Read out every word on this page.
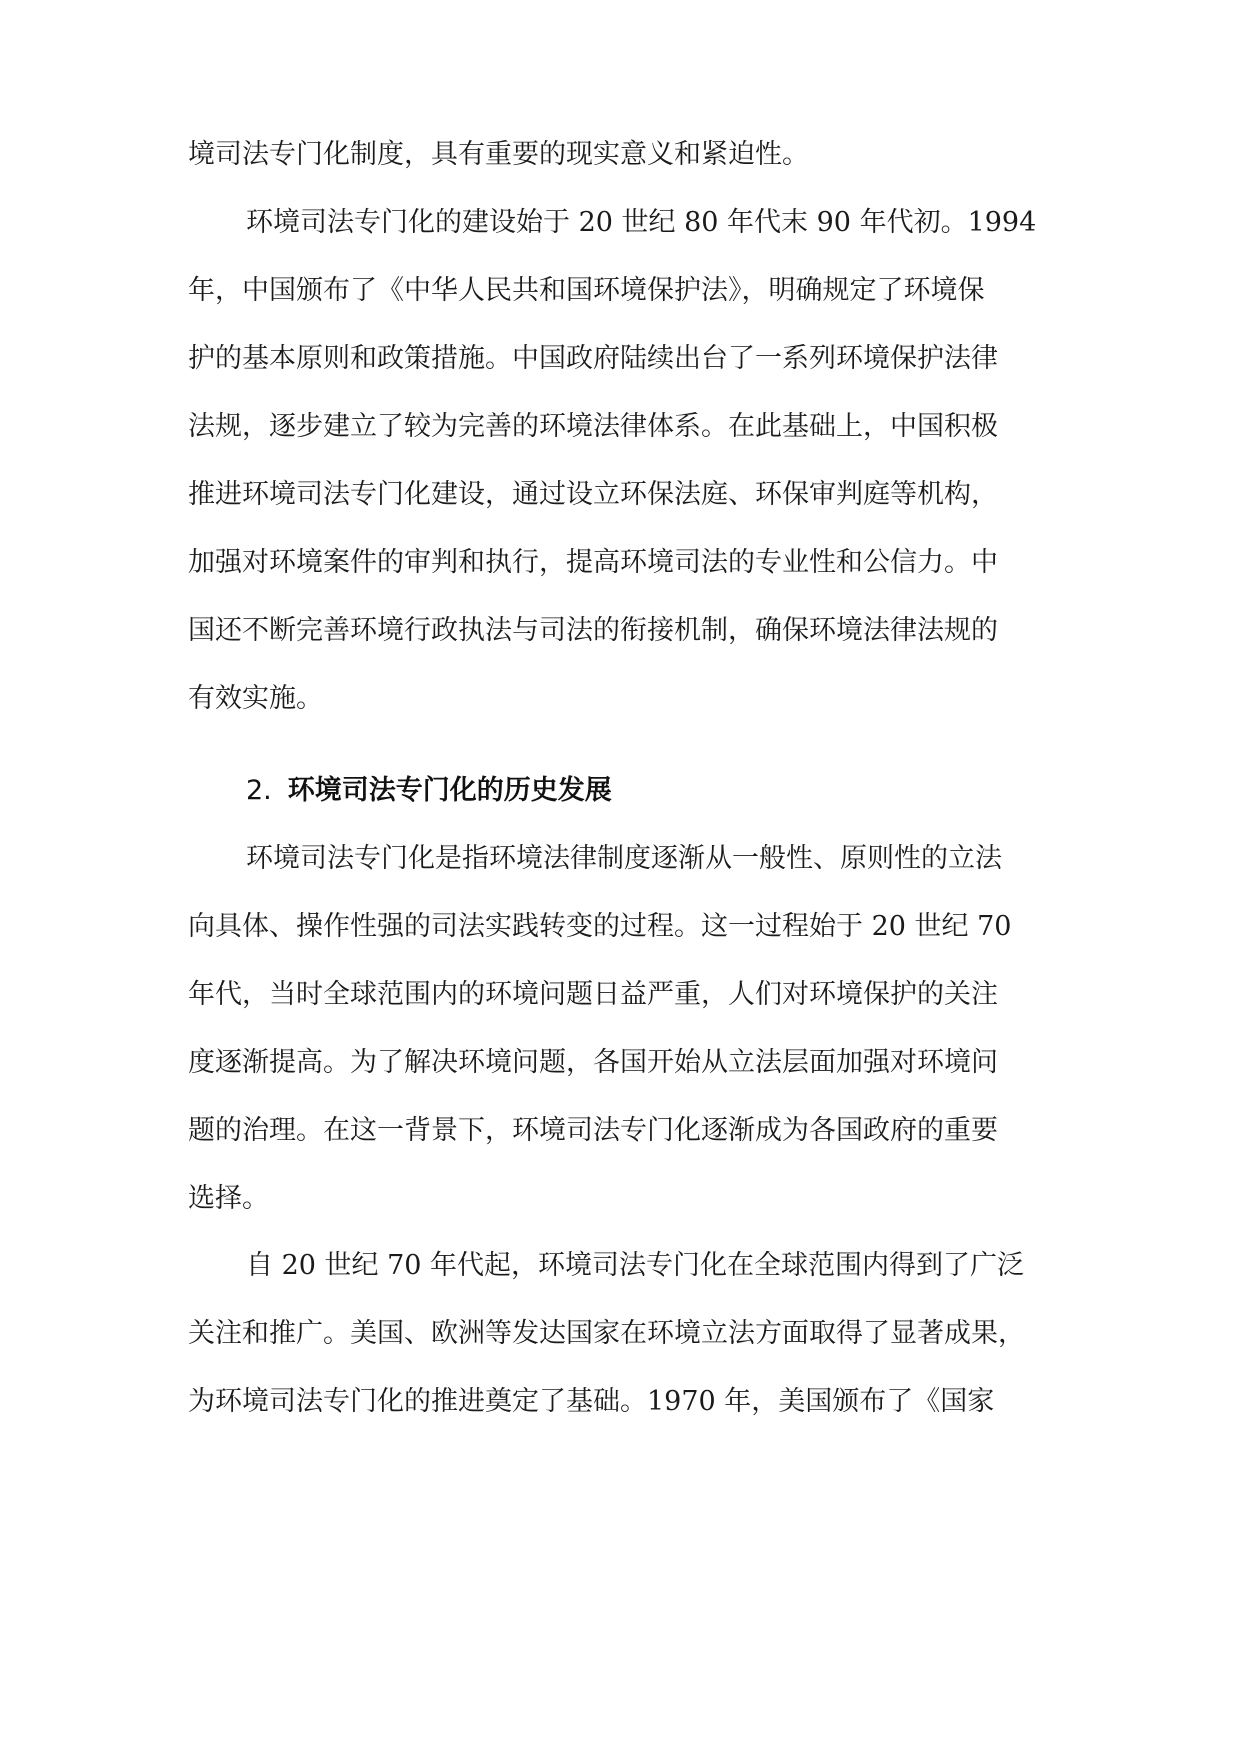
境司法专门化制度，具有重要的现实意义和紧迫性。
环境司法专门化的建设始于 20 世纪 80 年代末 90 年代初。1994
年，中国颁布了《中华人民共和国环境保护法》，明确规定了环境保
护的基本原则和政策措施。中国政府陆续出台了一系列环境保护法律
法规，逐步建立了较为完善的环境法律体系。在此基础上，中国积极
推进环境司法专门化建设，通过设立环保法庭、环保审判庭等机构，
加强对环境案件的审判和执行，提高环境司法的专业性和公信力。中
国还不断完善环境行政执法与司法的衔接机制，确保环境法律法规的
有效实施。
2. 环境司法专门化的历史发展
环境司法专门化是指环境法律制度逐渐从一般性、原则性的立法
向具体、操作性强的司法实践转变的过程。这一过程始于 20 世纪 70
年代，当时全球范围内的环境问题日益严重，人们对环境保护的关注
度逐渐提高。为了解决环境问题，各国开始从立法层面加强对环境问
题的治理。在这一背景下，环境司法专门化逐渐成为各国政府的重要
选择。
自 20 世纪 70 年代起，环境司法专门化在全球范围内得到了广泛
关注和推广。美国、欧洲等发达国家在环境立法方面取得了显著成果，
为环境司法专门化的推进奠定了基础。1970 年，美国颁布了《国家
